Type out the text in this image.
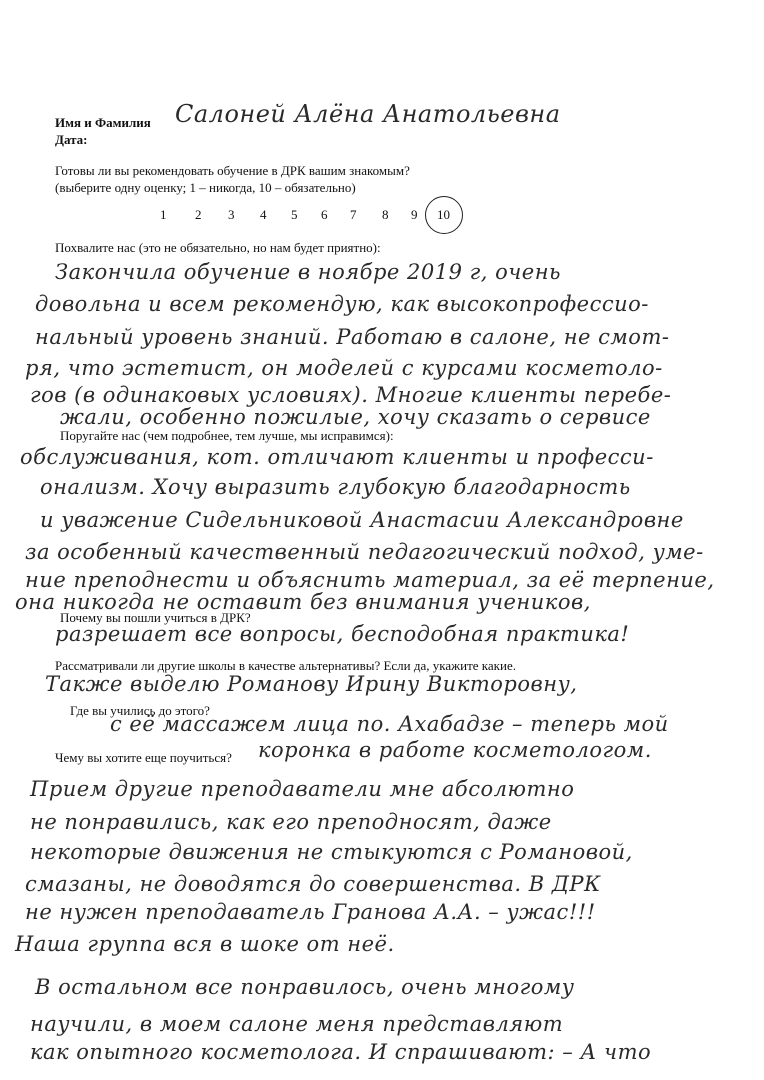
Имя и Фамилия
Дата:
Готовы ли вы рекомендовать обучение в ДРК вашим знакомым?
(выберите одну оценку; 1 – никогда, 10 – обязательно)
1 2 3 4 5 6 7 8 9 10
Похвалите нас (это не обязательно, но нам будет приятно):
Поругайте нас (чем подробнее, тем лучше, мы исправимся):
Почему вы пошли учиться в ДРК?
Рассматривали ли другие школы в качестве альтернативы? Если да, укажите какие.
Где вы учились до этого?
Чему вы хотите еще поучиться?
Салоней Алёна Анатольевна
Закончила обучение в ноябре 2019 г, очень
довольна и всем рекомендую, как высокопрофессио-
нальный уровень знаний. Работаю в салоне, не смот-
ря, что эстетист, он моделей с курсами косметоло-
гов (в одинаковых условиях). Многие клиенты перебе-
жали, особенно пожилые, хочу сказать о сервисе
обслуживания, кот. отличают клиенты и професси-
онализм. Хочу выразить глубокую благодарность
и уважение Сидельниковой Анастасии Александровне
за особенный качественный педагогический подход, уме-
ние преподнести и объяснить материал, за её терпение,
она никогда не оставит без внимания учеников,
разрешает все вопросы, бесподобная практика!
Также выделю Романову Ирину Викторовну,
с её массажем лица по. Ахабадзе – теперь мой
коронка в работе косметологом.
Прием другие преподаватели мне абсолютно
не понравились, как его преподносят, даже
некоторые движения не стыкуются с Романовой,
смазаны, не доводятся до совершенства. В ДРК
не нужен преподаватель Гранова А.А. – ужас!!!
Наша группа вся в шоке от неё.
В остальном все понравилось, очень многому
научили, в моем салоне меня представляют
как опытного косметолога. И спрашивают: – А что
